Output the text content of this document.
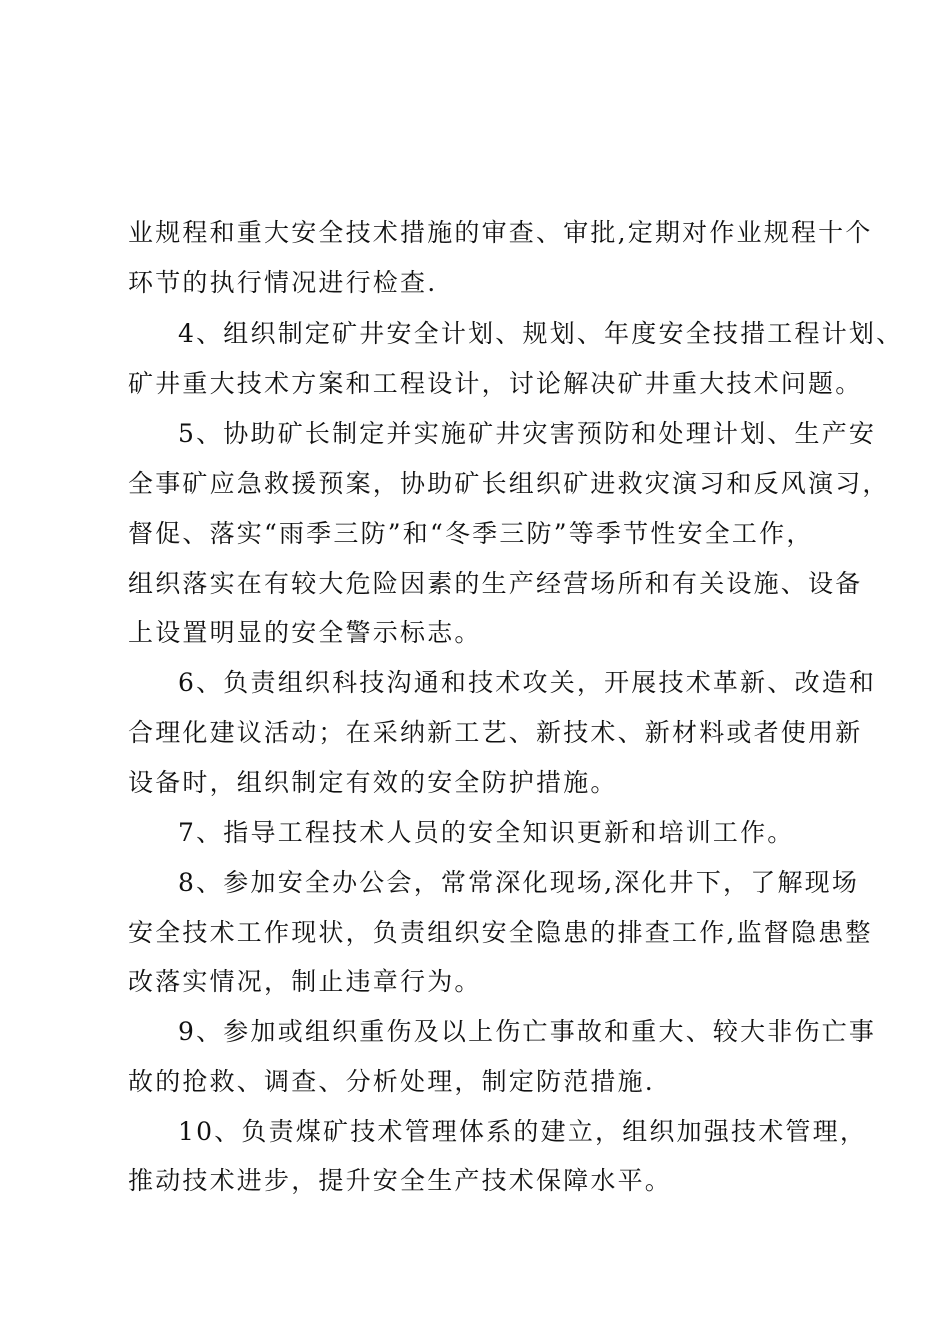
业规程和重大安全技术措施的审查、审批,定期对作业规程十个
环节的执行情况进行检查.
4、组织制定矿井安全计划、规划、年度安全技措工程计划、
矿井重大技术方案和工程设计，讨论解决矿井重大技术问题。
5、协助矿长制定并实施矿井灾害预防和处理计划、生产安
全事矿应急救援预案，协助矿长组织矿进救灾演习和反风演习，
督促、落实“雨季三防”和“冬季三防”等季节性安全工作，
组织落实在有较大危险因素的生产经营场所和有关设施、设备
上设置明显的安全警示标志。
6、负责组织科技沟通和技术攻关，开展技术革新、改造和
合理化建议活动；在采纳新工艺、新技术、新材料或者使用新
设备时，组织制定有效的安全防护措施。
7、指导工程技术人员的安全知识更新和培训工作。
8、参加安全办公会，常常深化现场,深化井下，了解现场
安全技术工作现状，负责组织安全隐患的排查工作,监督隐患整
改落实情况，制止违章行为。
9、参加或组织重伤及以上伤亡事故和重大、较大非伤亡事
故的抢救、调查、分析处理，制定防范措施.
10、负责煤矿技术管理体系的建立，组织加强技术管理，
推动技术进步，提升安全生产技术保障水平。
